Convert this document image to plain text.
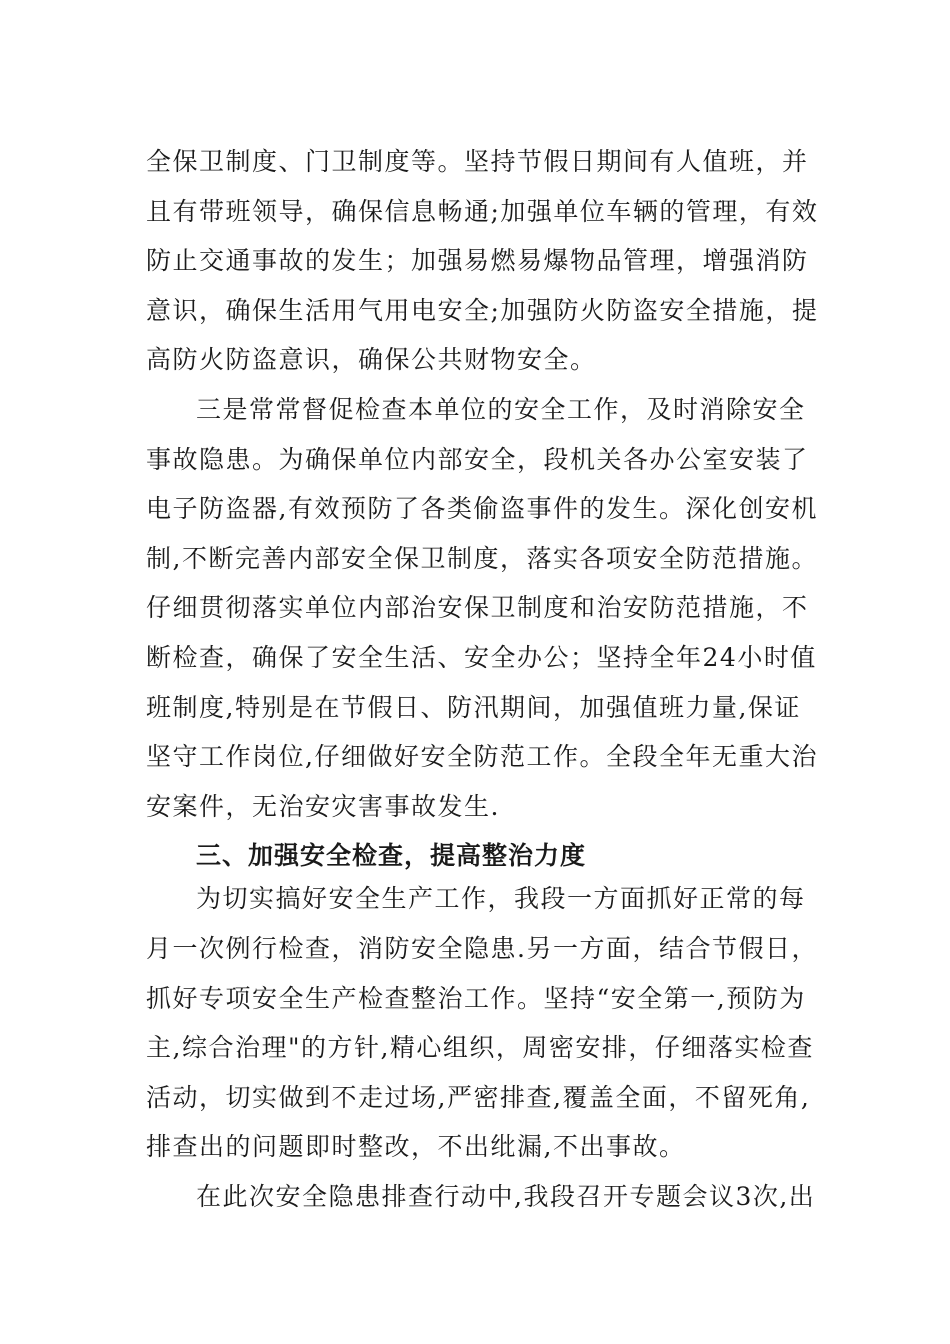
全保卫制度、门卫制度等。坚持节假日期间有人值班，并
且有带班领导，确保信息畅通;加强单位车辆的管理，有效
防止交通事故的发生；加强易燃易爆物品管理，增强消防
意识，确保生活用气用电安全;加强防火防盗安全措施，提
高防火防盗意识，确保公共财物安全。
三是常常督促检查本单位的安全工作，及时消除安全
事故隐患。为确保单位内部安全，段机关各办公室安装了
电子防盗器,有效预防了各类偷盗事件的发生。深化创安机
制,不断完善内部安全保卫制度，落实各项安全防范措施。
仔细贯彻落实单位内部治安保卫制度和治安防范措施，不
断检查，确保了安全生活、安全办公；坚持全年24小时值
班制度,特别是在节假日、防汛期间，加强值班力量,保证
坚守工作岗位,仔细做好安全防范工作。全段全年无重大治
安案件，无治安灾害事故发生.
三、加强安全检查，提高整治力度
为切实搞好安全生产工作，我段一方面抓好正常的每
月一次例行检查，消防安全隐患.另一方面，结合节假日，
抓好专项安全生产检查整治工作。坚持“安全第一,预防为
主,综合治理"的方针,精心组织，周密安排，仔细落实检查
活动，切实做到不走过场,严密排查,覆盖全面，不留死角,
排查出的问题即时整改，不出纰漏,不出事故。
在此次安全隐患排查行动中,我段召开专题会议3次,出
